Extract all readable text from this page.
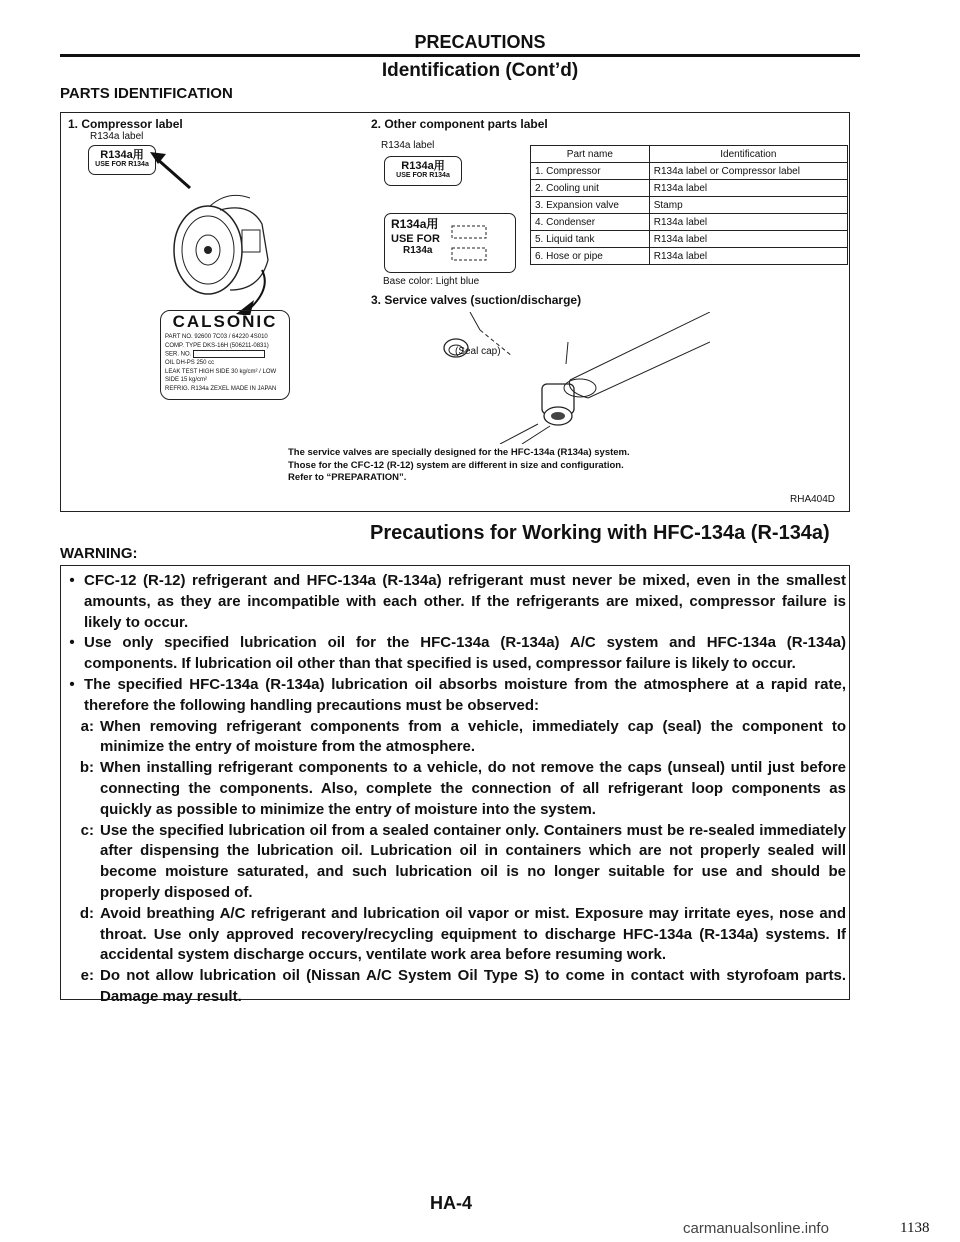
PRECAUTIONS
Identification (Cont’d)
PARTS IDENTIFICATION
1. Compressor label
R134a label
R134a用
USE FOR R134a
CALSONIC
PART NO. 92600 7C03 / 64220 4S010
COMP. TYPE DKS-16H (506211-0831)
SER. NO.
OIL DH-PS 250 cc
LEAK TEST HIGH SIDE 30 kg/cm² / LOW SIDE 15 kg/cm²
REFRIG. R134a ZEXEL MADE IN JAPAN
2. Other component parts label
R134a label
R134a用
USE FOR R134a
R134a用
USE FOR
R134a
Base color: Light blue
Part name	Identification
1. Compressor	R134a label or Compressor label
2. Cooling unit	R134a label
3. Expansion valve	Stamp
4. Condenser	R134a label
5. Liquid tank	R134a label
6. Hose or pipe	R134a label
3. Service valves (suction/discharge)
(Seal cap)
The service valves are specially designed for the HFC-134a (R134a) system.
Those for the CFC-12 (R-12) system are different in size and configuration.
Refer to “PREPARATION”.
RHA404D
Precautions for Working with HFC-134a (R-134a)
WARNING:
• CFC-12 (R-12) refrigerant and HFC-134a (R-134a) refrigerant must never be mixed, even in the smallest amounts, as they are incompatible with each other. If the refrigerants are mixed, compressor failure is likely to occur.
• Use only specified lubrication oil for the HFC-134a (R-134a) A/C system and HFC-134a (R-134a) components. If lubrication oil other than that specified is used, compressor failure is likely to occur.
• The specified HFC-134a (R-134a) lubrication oil absorbs moisture from the atmosphere at a rapid rate, therefore the following handling precautions must be observed:
a: When removing refrigerant components from a vehicle, immediately cap (seal) the component to minimize the entry of moisture from the atmosphere.
b: When installing refrigerant components to a vehicle, do not remove the caps (unseal) until just before connecting the components. Also, complete the connection of all refrigerant loop components as quickly as possible to minimize the entry of moisture into the system.
c: Use the specified lubrication oil from a sealed container only. Containers must be re-sealed immediately after dispensing the lubrication oil. Lubrication oil in containers which are not properly sealed will become moisture saturated, and such lubrication oil is no longer suitable for use and should be properly disposed of.
d: Avoid breathing A/C refrigerant and lubrication oil vapor or mist. Exposure may irritate eyes, nose and throat. Use only approved recovery/recycling equipment to discharge HFC-134a (R-134a) systems. If accidental system discharge occurs, ventilate work area before resuming work.
e: Do not allow lubrication oil (Nissan A/C System Oil Type S) to come in contact with styrofoam parts. Damage may result.
HA-4
carmanualsonline.info	1138
